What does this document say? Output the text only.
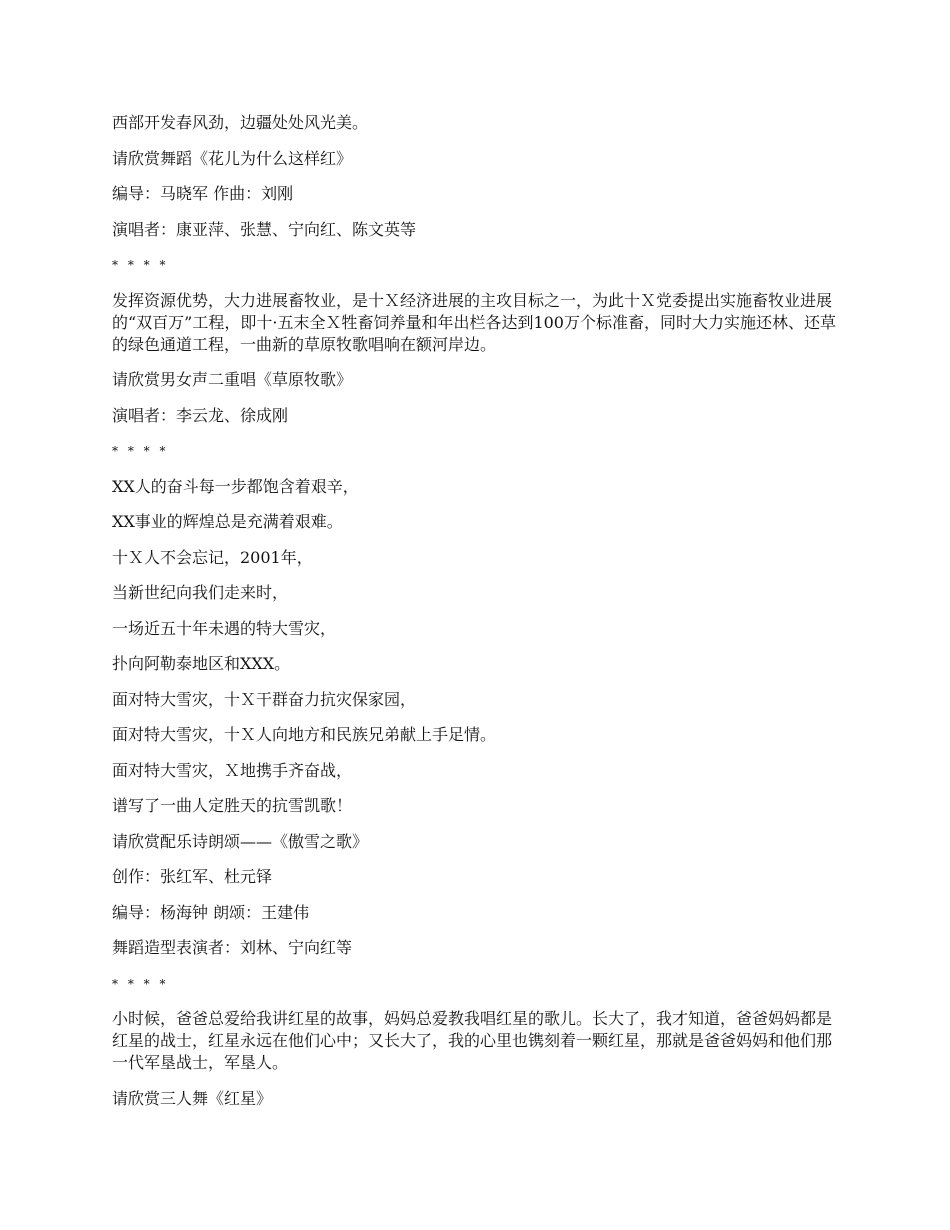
西部开发春风劲，边疆处处风光美。

请欣赏舞蹈《花儿为什么这样红》

编导：马晓军 作曲：刘刚

演唱者：康亚萍、张慧、宁向红、陈文英等

* * * *

发挥资源优势，大力进展畜牧业，是十Ｘ经济进展的主攻目标之一，为此十Ｘ党委提出实施畜牧业进展的“双百万”工程，即十·五末全Ｘ牲畜饲养量和年出栏各达到100万个标准畜，同时大力实施还林、还草的绿色通道工程，一曲新的草原牧歌唱响在额河岸边。

请欣赏男女声二重唱《草原牧歌》

演唱者：李云龙、徐成刚

* * * *

XX人的奋斗每一步都饱含着艰辛，

XX事业的辉煌总是充满着艰难。

十Ｘ人不会忘记，2001年，

当新世纪向我们走来时，

一场近五十年未遇的特大雪灾，

扑向阿勒泰地区和XXX。

面对特大雪灾，十Ｘ干群奋力抗灾保家园，

面对特大雪灾，十Ｘ人向地方和民族兄弟献上手足情。

面对特大雪灾，Ｘ地携手齐奋战，

谱写了一曲人定胜天的抗雪凯歌！

请欣赏配乐诗朗颂——《傲雪之歌》

创作：张红军、杜元铎

编导：杨海钟 朗颂：王建伟

舞蹈造型表演者：刘林、宁向红等

* * * *

小时候，爸爸总爱给我讲红星的故事，妈妈总爱教我唱红星的歌儿。长大了，我才知道，爸爸妈妈都是红星的战士，红星永远在他们心中；又长大了，我的心里也镌刻着一颗红星，那就是爸爸妈妈和他们那一代军垦战士，军垦人。

请欣赏三人舞《红星》
